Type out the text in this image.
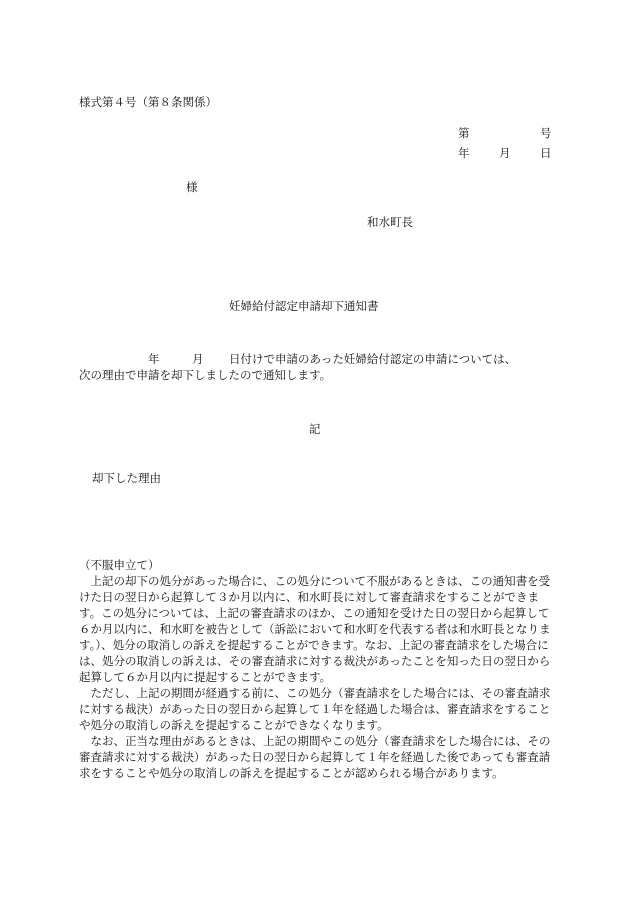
様式第４号（第８条関係）
第	号
年	月	日
様
和水町長
妊婦給付認定申請却下通知書
年	月 日付けで申請のあった妊婦給付認定の申請については、
次の理由で申請を却下しましたので通知します。
記
却下した理由

（不服申立て）

上記の却下の処分があった場合に、この処分について不服があるときは、この通知書を受けた日の翌日から起算して３か月以内に、和水町長に対して審査請求をすることができます。この処分については、上記の審査請求のほか、この通知を受けた日の翌日から起算して６か月以内に、和水町を被告として（訴訟において和水町を代表する者は和水町長となります。）、処分の取消しの訴えを提起することができます。なお、上記の審査請求をした場合には、処分の取消しの訴えは、その審査請求に対する裁決があったことを知った日の翌日から起算して６か月以内に提起することができます。

ただし、上記の期間が経過する前に、この処分（審査請求をした場合には、その審査請求に対する裁決）があった日の翌日から起算して１年を経過した場合は、審査請求をすることや処分の取消しの訴えを提起することができなくなります。

なお、正当な理由があるときは、上記の期間やこの処分（審査請求をした場合には、その審査請求に対する裁決）があった日の翌日から起算して１年を経過した後であっても審査請求をすることや処分の取消しの訴えを提起することが認められる場合があります。
